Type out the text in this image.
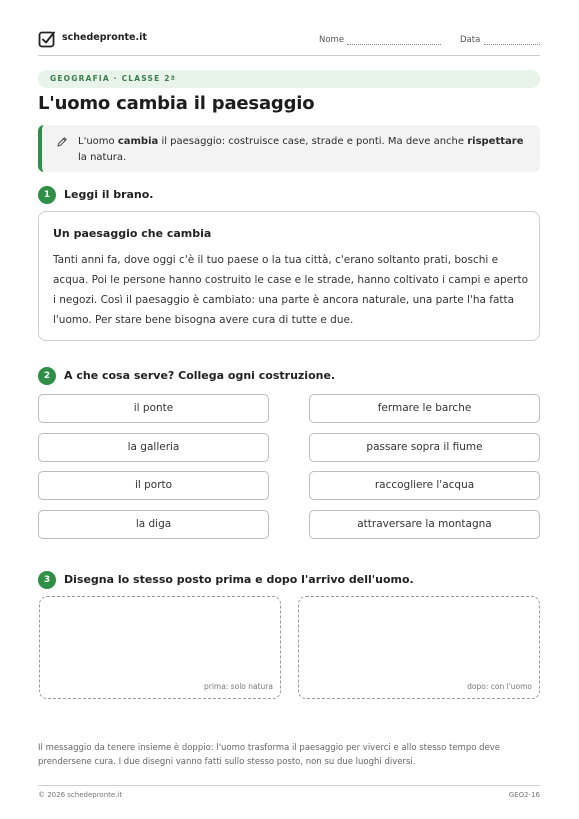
schedepronte.it	Nome	Data
GEOGRAFIA · CLASSE 2ª
L'uomo cambia il paesaggio
L'uomo cambia il paesaggio: costruisce case, strade e ponti. Ma deve anche rispettare la natura.
1	Leggi il brano.
Un paesaggio che cambia
Tanti anni fa, dove oggi c'è il tuo paese o la tua città, c'erano soltanto prati, boschi e acqua. Poi le persone hanno costruito le case e le strade, hanno coltivato i campi e aperto i negozi. Così il paesaggio è cambiato: una parte è ancora naturale, una parte l'ha fatta l'uomo. Per stare bene bisogna avere cura di tutte e due.
2	A che cosa serve? Collega ogni costruzione.
il ponte	fermare le barche
la galleria	passare sopra il fiume
il porto	raccogliere l'acqua
la diga	attraversare la montagna
3	Disegna lo stesso posto prima e dopo l'arrivo dell'uomo.
prima: solo natura	dopo: con l'uomo

Il messaggio da tenere insieme è doppio: l'uomo trasforma il paesaggio per viverci e allo stesso tempo deve prendersene cura. I due disegni vanno fatti sullo stesso posto, non su due luoghi diversi.

© 2026 schedepronte.it	GEO2-16
